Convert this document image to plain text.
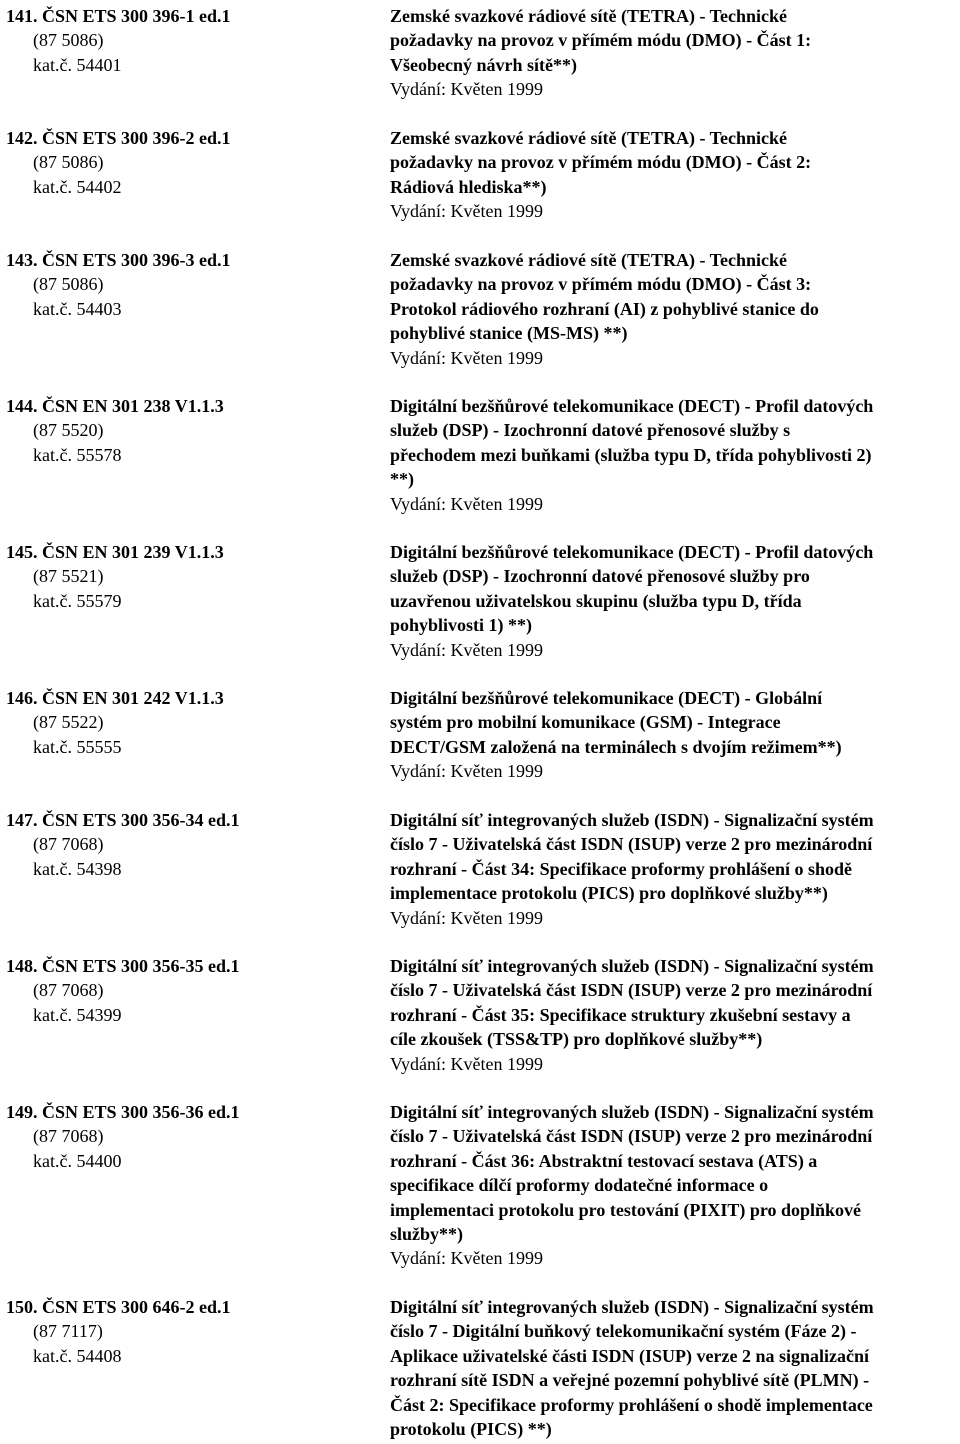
141. ČSN ETS 300 396-1 ed.1
(87 5086)
kat.č. 54401
Zemské svazkové rádiové sítě (TETRA) - Technické
požadavky na provoz v přímém módu (DMO) - Část 1:
Všeobecný návrh sítě**)
Vydání: Květen 1999
142. ČSN ETS 300 396-2 ed.1
(87 5086)
kat.č. 54402
Zemské svazkové rádiové sítě (TETRA) - Technické
požadavky na provoz v přímém módu (DMO) - Část 2:
Rádiová hlediska**)
Vydání: Květen 1999
143. ČSN ETS 300 396-3 ed.1
(87 5086)
kat.č. 54403
Zemské svazkové rádiové sítě (TETRA) - Technické
požadavky na provoz v přímém módu (DMO) - Část 3:
Protokol rádiového rozhraní (AI) z pohyblivé stanice do
pohyblivé stanice (MS-MS) **)
Vydání: Květen 1999
144. ČSN EN 301 238 V1.1.3
(87 5520)
kat.č. 55578
Digitální bezšňůrové telekomunikace (DECT) - Profil datových
služeb (DSP) - Izochronní datové přenosové služby s
přechodem mezi buňkami (služba typu D, třída pohyblivosti 2)
**)
Vydání: Květen 1999
145. ČSN EN 301 239 V1.1.3
(87 5521)
kat.č. 55579
Digitální bezšňůrové telekomunikace (DECT) - Profil datových
služeb (DSP) - Izochronní datové přenosové služby pro
uzavřenou uživatelskou skupinu (služba typu D, třída
pohyblivosti 1) **)
Vydání: Květen 1999
146. ČSN EN 301 242 V1.1.3
(87 5522)
kat.č. 55555
Digitální bezšňůrové telekomunikace (DECT) - Globální
systém pro mobilní komunikace (GSM) - Integrace
DECT/GSM založená na terminálech s dvojím režimem**)
Vydání: Květen 1999
147. ČSN ETS 300 356-34 ed.1
(87 7068)
kat.č. 54398
Digitální síť integrovaných služeb (ISDN) - Signalizační systém
číslo 7 - Uživatelská část ISDN (ISUP) verze 2 pro mezinárodní
rozhraní - Část 34: Specifikace proformy prohlášení o shodě
implementace protokolu (PICS) pro doplňkové služby**)
Vydání: Květen 1999
148. ČSN ETS 300 356-35 ed.1
(87 7068)
kat.č. 54399
Digitální síť integrovaných služeb (ISDN) - Signalizační systém
číslo 7 - Uživatelská část ISDN (ISUP) verze 2 pro mezinárodní
rozhraní - Část 35: Specifikace struktury zkušební sestavy a
cíle zkoušek (TSS&TP) pro doplňkové služby**)
Vydání: Květen 1999
149. ČSN ETS 300 356-36 ed.1
(87 7068)
kat.č. 54400
Digitální síť integrovaných služeb (ISDN) - Signalizační systém
číslo 7 - Uživatelská část ISDN (ISUP) verze 2 pro mezinárodní
rozhraní - Část 36: Abstraktní testovací sestava (ATS) a
specifikace dílčí proformy dodatečné informace o
implementaci protokolu pro testování (PIXIT) pro doplňkové
služby**)
Vydání: Květen 1999
150. ČSN ETS 300 646-2 ed.1
(87 7117)
kat.č. 54408
Digitální síť integrovaných služeb (ISDN) - Signalizační systém
číslo 7 - Digitální buňkový telekomunikační systém (Fáze 2) -
Aplikace uživatelské části ISDN (ISUP) verze 2 na signalizační
rozhraní sítě ISDN a veřejné pozemní pohyblivé sítě (PLMN) -
Část 2: Specifikace proformy prohlášení o shodě implementace
protokolu (PICS) **)
